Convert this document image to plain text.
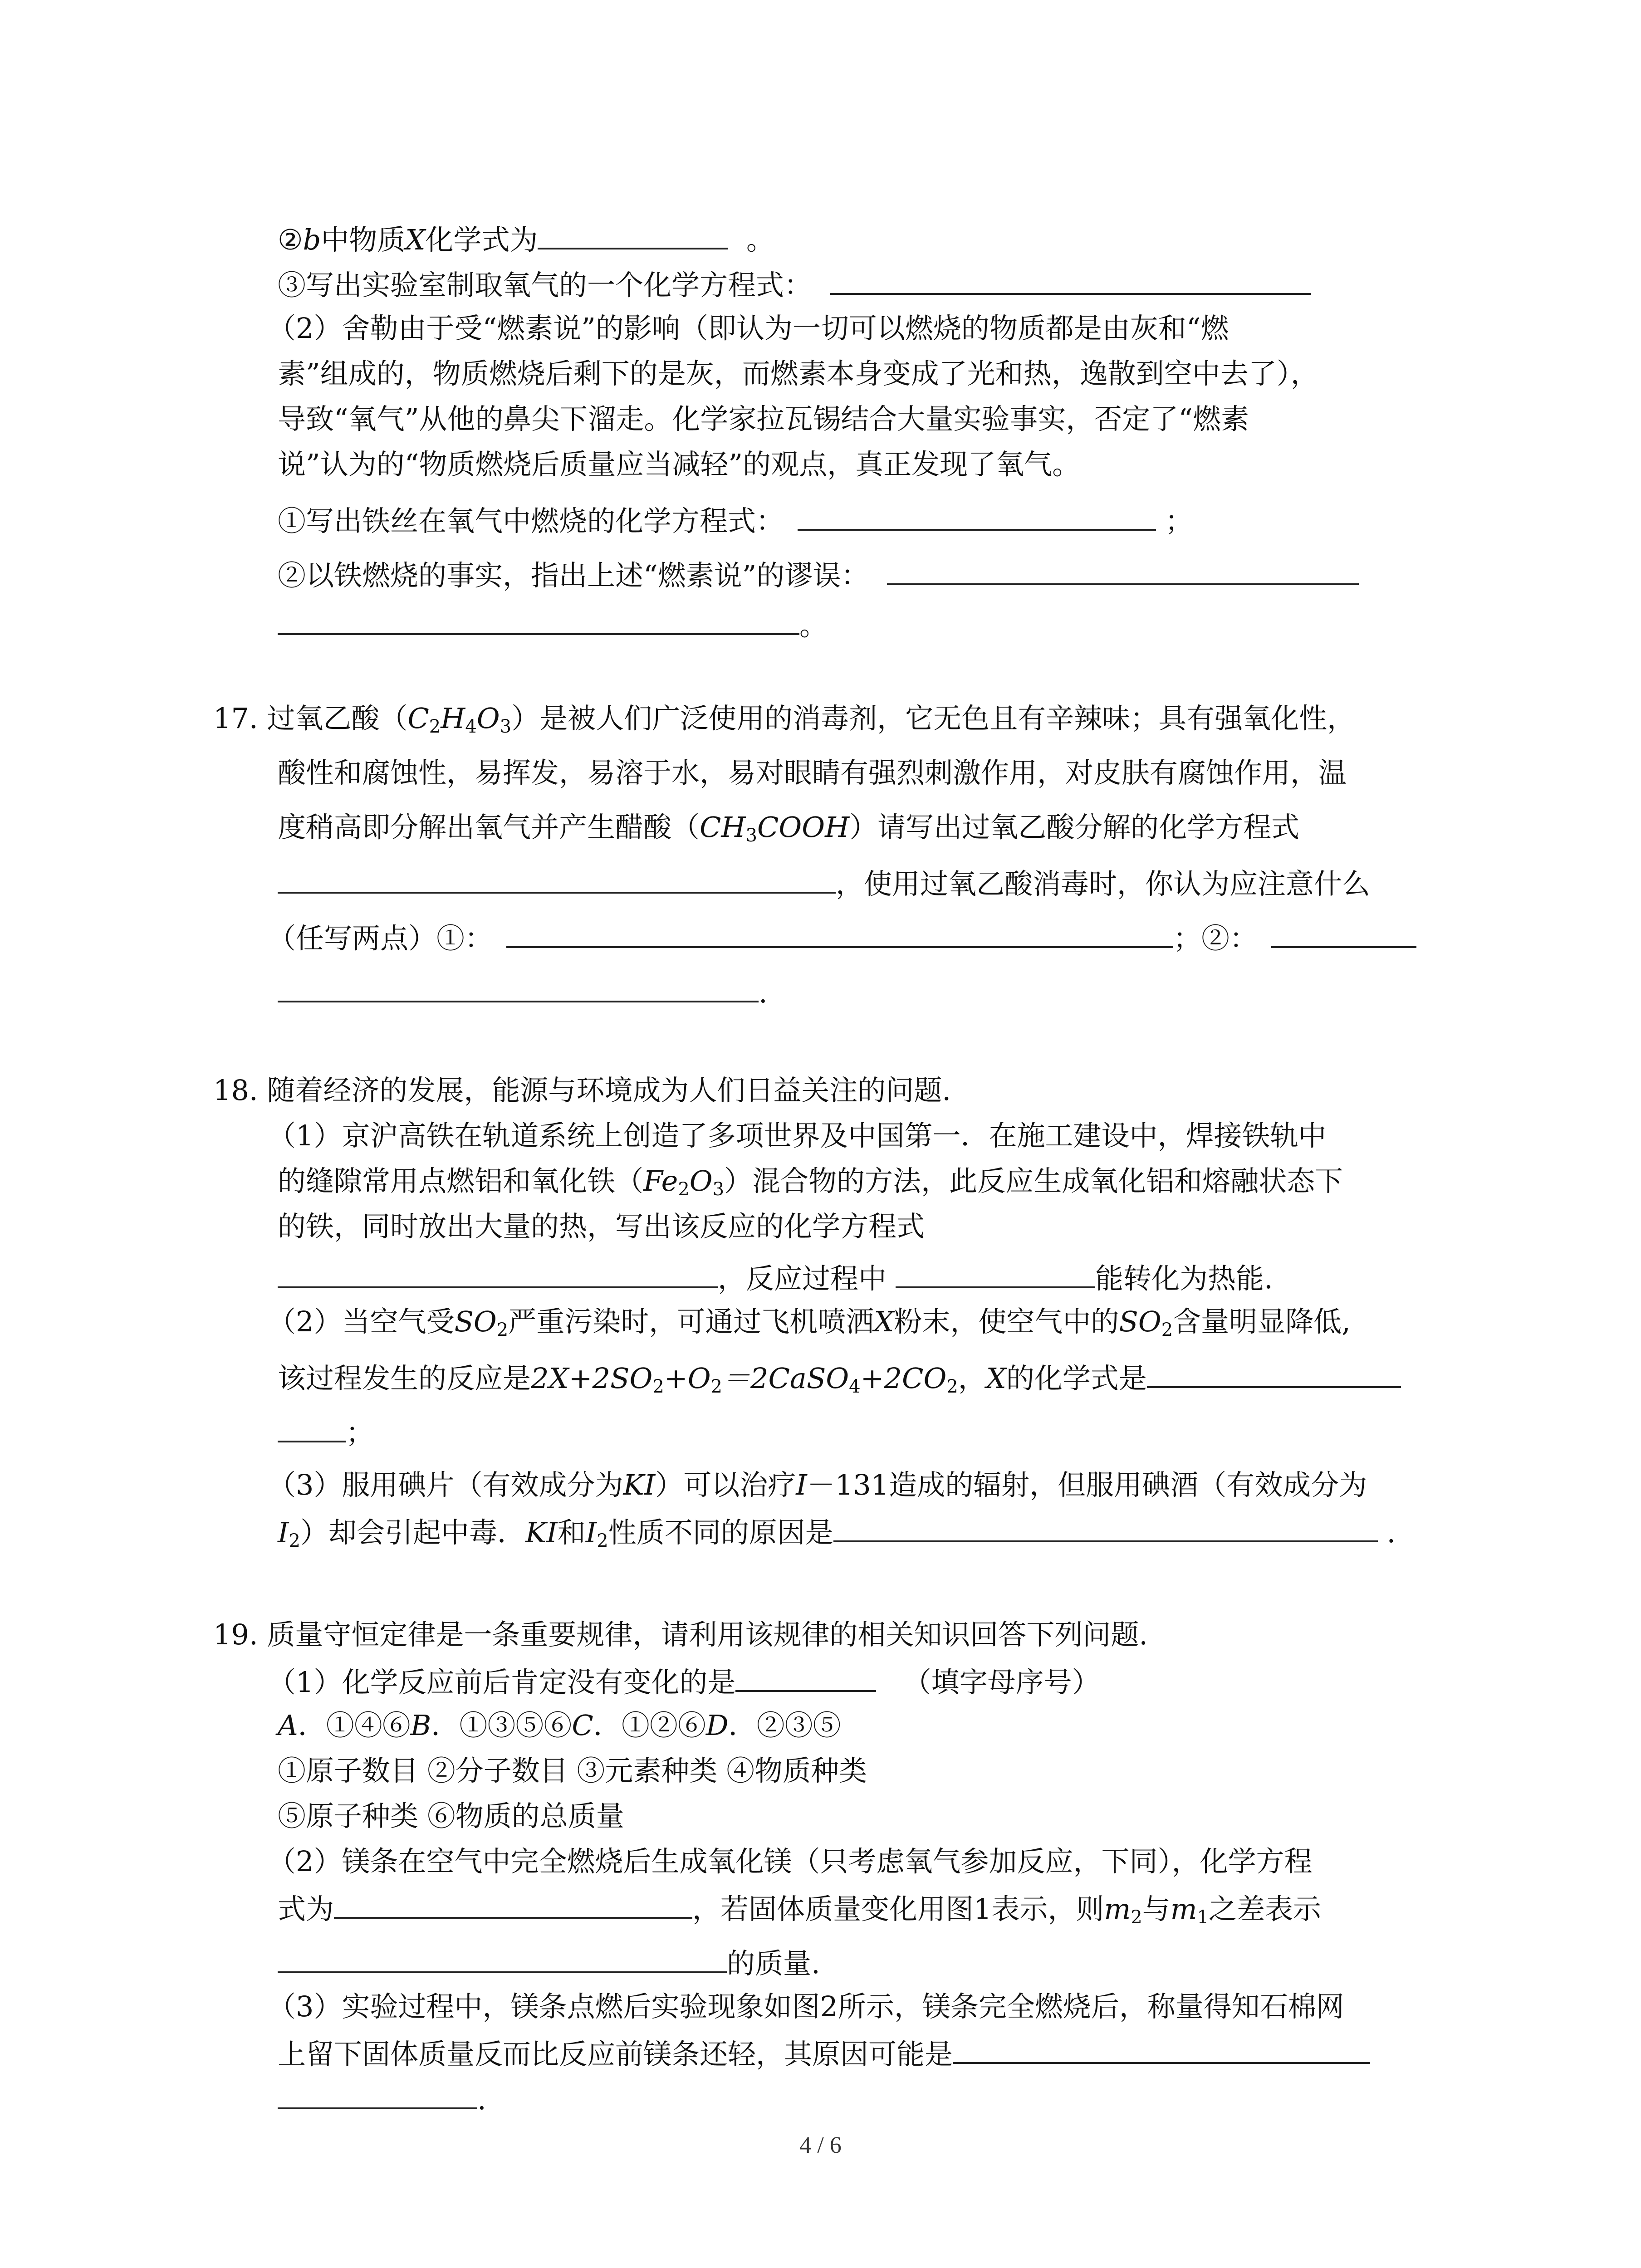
②b中物质X化学式为	。
③写出实验室制取氧气的一个化学方程式：
（2）舍勒由于受“燃素说”的影响（即认为一切可以燃烧的物质都是由灰和“燃
素”组成的，物质燃烧后剩下的是灰，而燃素本身变成了光和热，逸散到空中去了），
导致“氧气”从他的鼻尖下溜走。化学家拉瓦锡结合大量实验事实，否定了“燃素
说”认为的“物质燃烧后质量应当减轻”的观点，真正发现了氧气。
①写出铁丝在氧气中燃烧的化学方程式：	；
②以铁燃烧的事实，指出上述“燃素说”的谬误：
。
17. 过氧乙酸$(C_2H_4O_3)$是被人们广泛使用的消毒剂，它无色且有辛辣味；具有强氧化性，
酸性和腐蚀性，易挥发，易溶于水，易对眼睛有强烈刺激作用，对皮肤有腐蚀作用，温
度稍高即分解出氧气并产生醋酸$(CH_3COOH)$请写出过氧乙酸分解的化学方程式
，使用过氧乙酸消毒时，你认为应注意什么
（任写两点）①：	；②：
.
18. 随着经济的发展，能源与环境成为人们日益关注的问题.
（1）京沪高铁在轨道系统上创造了多项世界及中国第一．在施工建设中，焊接铁轨中
的缝隙常用点燃铝和氧化铁$(Fe_2O_3)$混合物的方法，此反应生成氧化铝和熔融状态下
的铁，同时放出大量的热，写出该反应的化学方程式
，反应过程中	能转化为热能.
（2）当空气受$SO_2$严重污染时，可通过飞机喷洒X粉末，使空气中的$SO_2$含量明显降低,
该过程发生的反应是$2X+2SO_2+O_2=2CaSO_4+2CO_2$，X的化学式是
；
（3）服用碘片（有效成分为KI）可以治疗I－131造成的辐射，但服用碘酒（有效成分为
$I_2$）却会引起中毒．KI和$I_2$性质不同的原因是	.
19. 质量守恒定律是一条重要规律，请利用该规律的相关知识回答下列问题.
（1）化学反应前后肯定没有变化的是	（填字母序号）
A．①④⑥B．①③⑤⑥C．①②⑥D．②③⑤
①原子数目 ②分子数目 ③元素种类 ④物质种类
⑤原子种类 ⑥物质的总质量
（2）镁条在空气中完全燃烧后生成氧化镁（只考虑氧气参加反应，下同），化学方程
式为	，若固体质量变化用图1表示，则$m_2$与$m_1$之差表示
的质量.
（3）实验过程中，镁条点燃后实验现象如图2所示，镁条完全燃烧后，称量得知石棉网
上留下固体质量反而比反应前镁条还轻，其原因可能是
.
4 / 6
